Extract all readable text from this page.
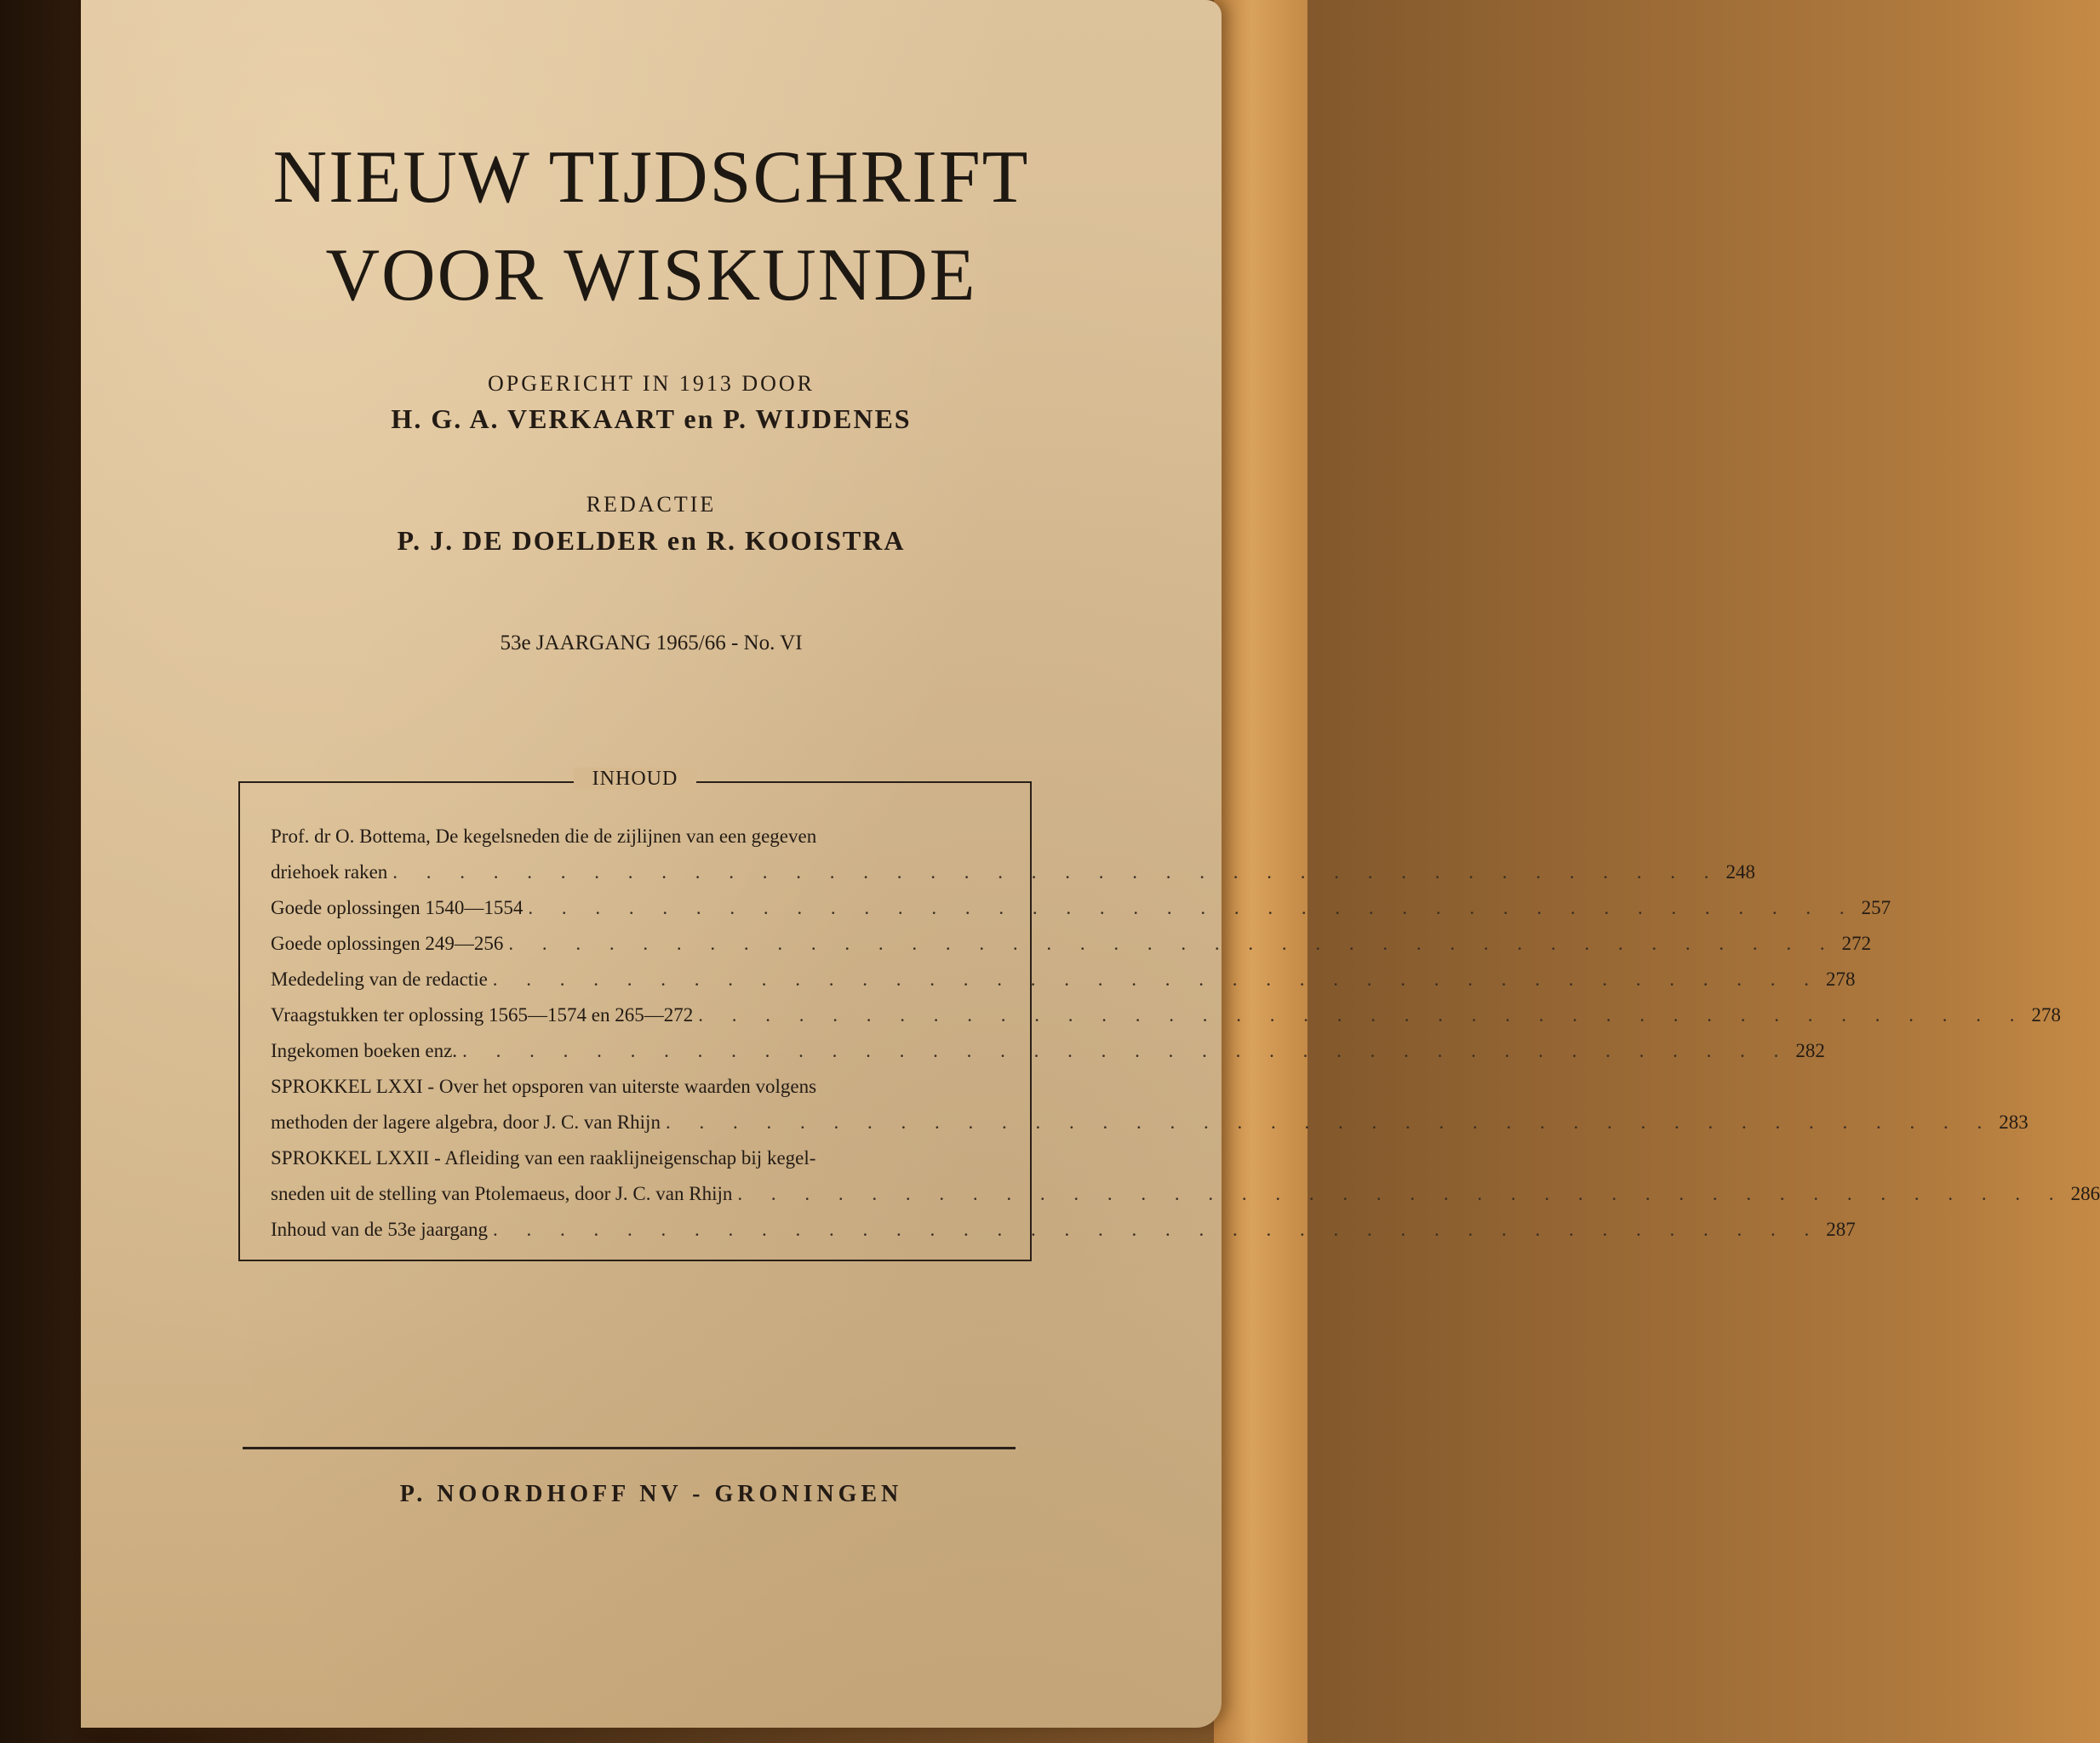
NIEUW TIJDSCHRIFT
VOOR WISKUNDE
OPGERICHT IN 1913 DOOR
H. G. A. VERKAART en P. WIJDENES
REDACTIE
P. J. DE DOELDER en R. KOOISTRA
53e JAARGANG 1965/66 - No. VI
INHOUD
Prof. dr O. Bottema, De kegelsneden die de zijlijnen van een gegeven
driehoek raken . . . . . . . . . . . . . . . . . . . . . . . . . . . . . . . . . . . . . . . . 248
Goede oplossingen 1540—1554 . . . . . . . . . . . . . . . . . . . . . . . . . . . . . . . . . . . . . . . . 257
Goede oplossingen 249—256 . . . . . . . . . . . . . . . . . . . . . . . . . . . . . . . . . . . . . . . . 272
Mededeling van de redactie . . . . . . . . . . . . . . . . . . . . . . . . . . . . . . . . . . . . . . . . 278
Vraagstukken ter oplossing 1565—1574 en 265—272 . . . . . . . . . . . . . . . . . . . . . . . . . . . . . . . . . . . . . . . . 278
Ingekomen boeken enz. . . . . . . . . . . . . . . . . . . . . . . . . . . . . . . . . . . . . . . . . 282
SPROKKEL LXXI - Over het opsporen van uiterste waarden volgens
methoden der lagere algebra, door J. C. van Rhijn . . . . . . . . . . . . . . . . . . . . . . . . . . . . . . . . . . . . . . . . 283
SPROKKEL LXXII - Afleiding van een raaklijneigenschap bij kegel-
sneden uit de stelling van Ptolemaeus, door J. C. van Rhijn . . . . . . . . . . . . . . . . . . . . . . . . . . . . . . . . . . . . . . . . 286
Inhoud van de 53e jaargang . . . . . . . . . . . . . . . . . . . . . . . . . . . . . . . . . . . . . . . . 287
P. NOORDHOFF NV - GRONINGEN
